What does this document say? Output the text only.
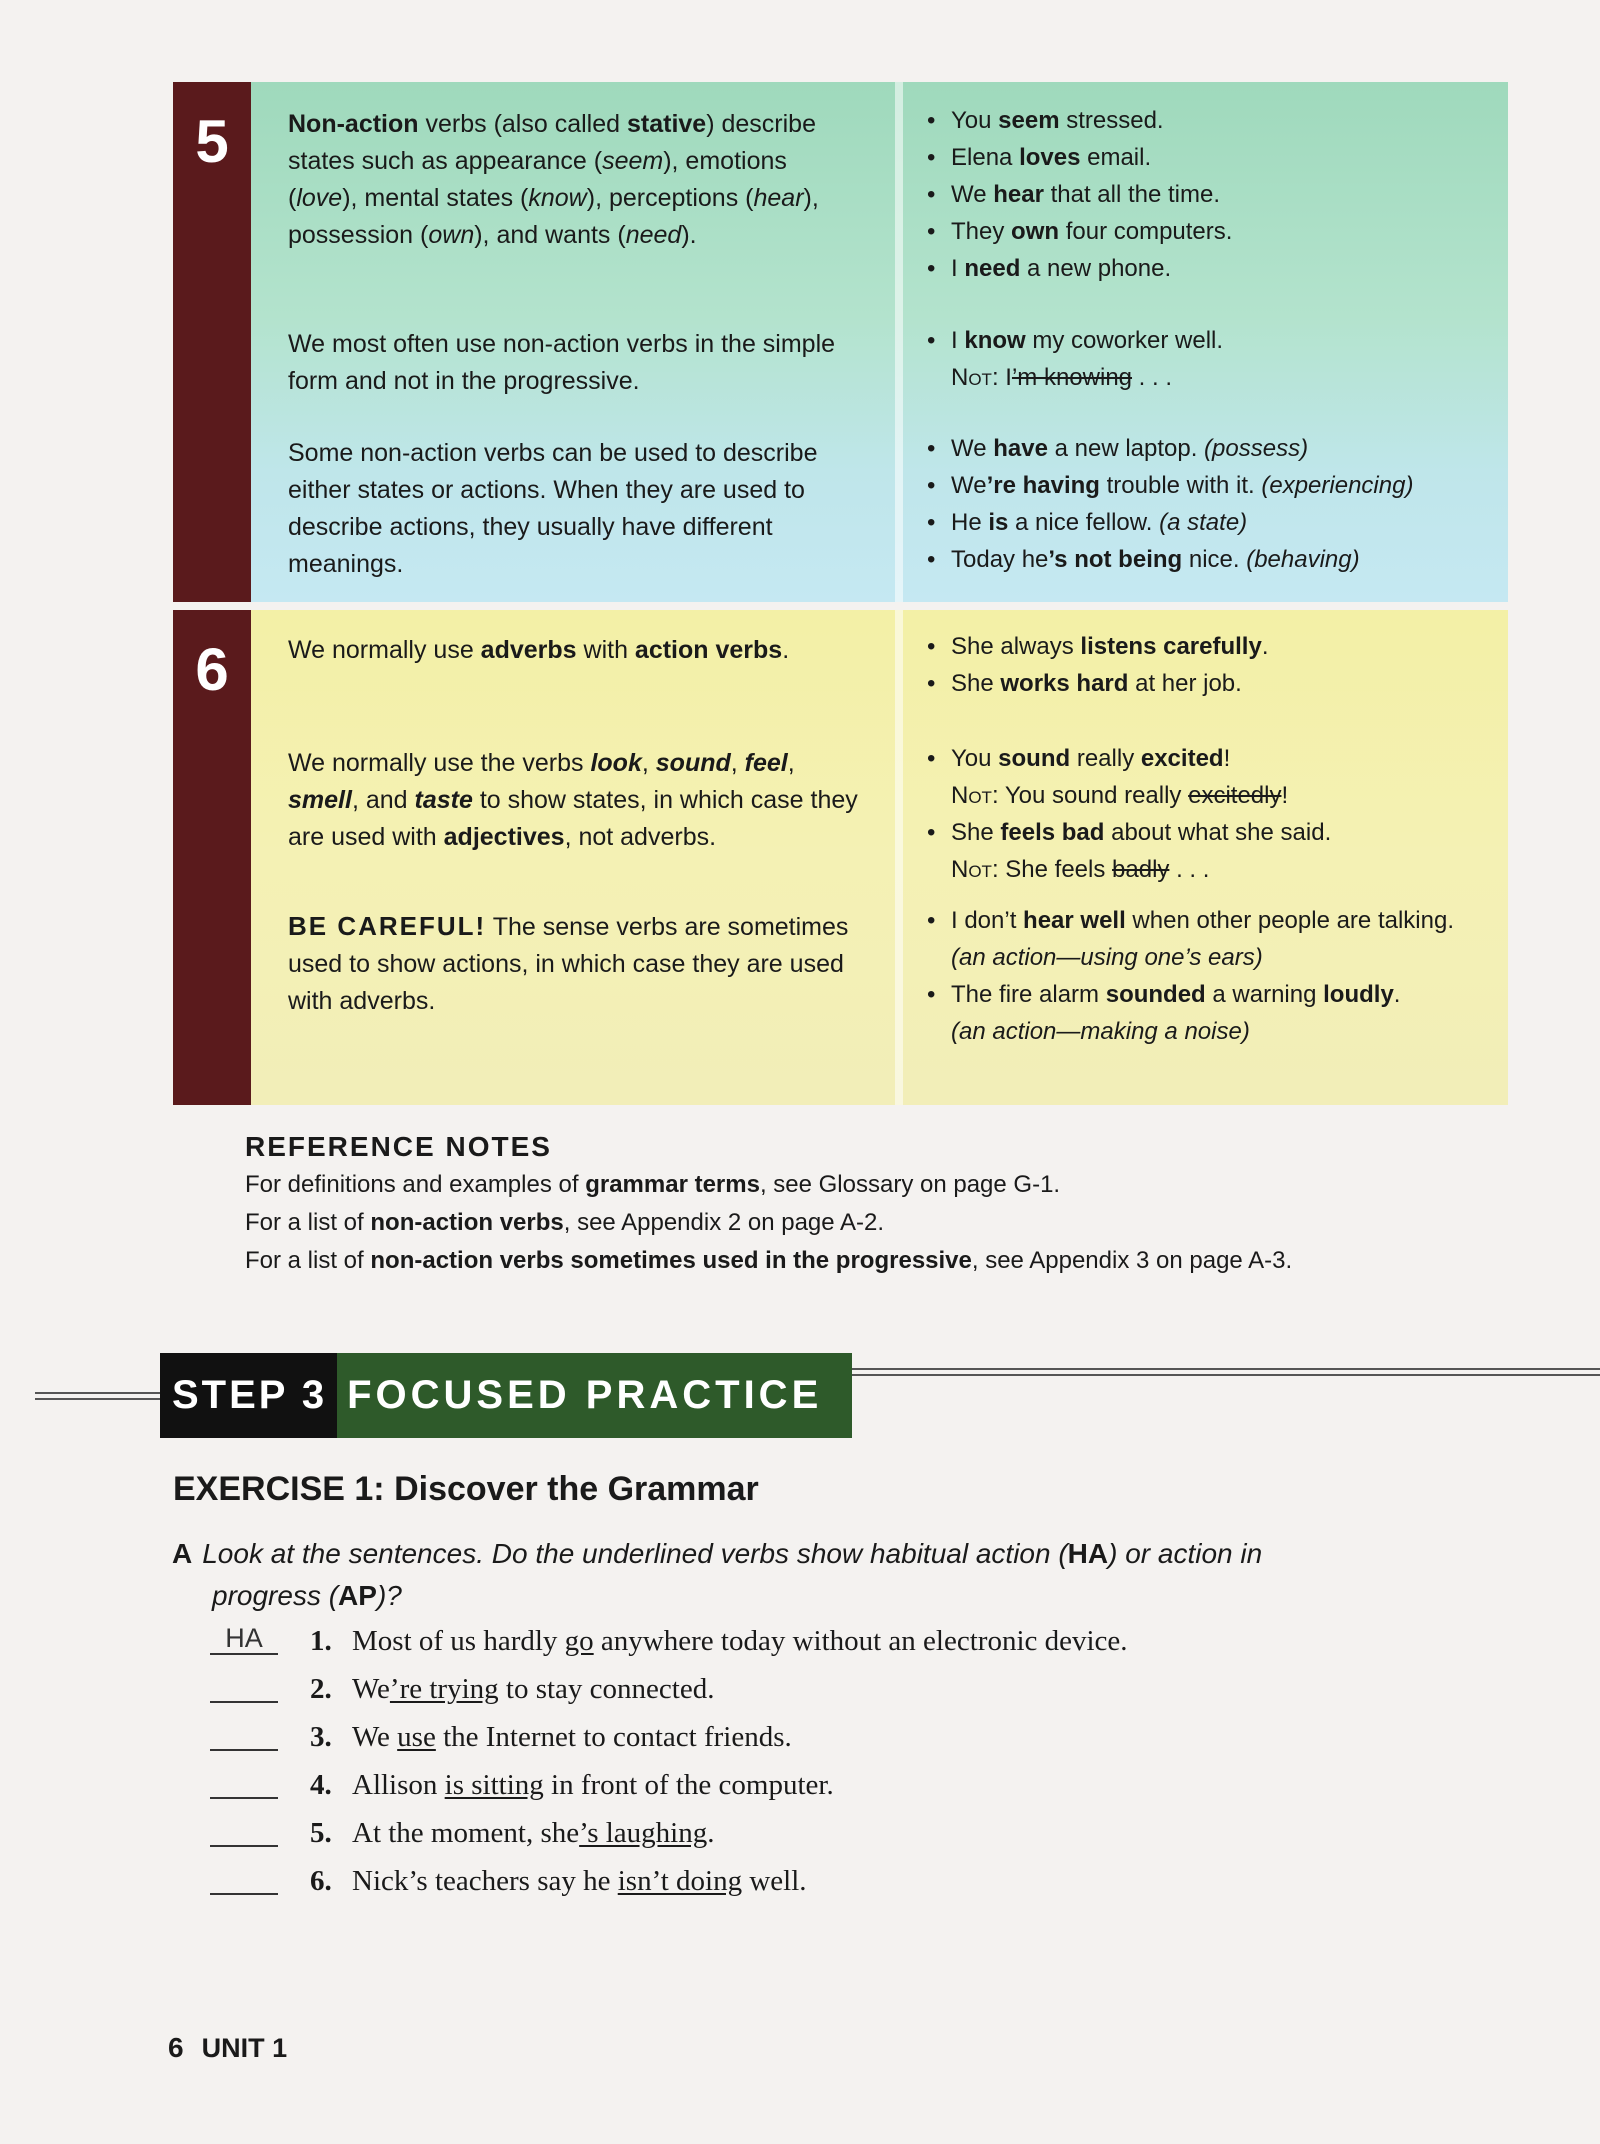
5	Non-action verbs (also called stative) describe states such as appearance (seem), emotions (love), mental states (know), perceptions (hear), possession (own), and wants (need).
• You seem stressed.
• Elena loves email.
• We hear that all the time.
• They own four computers.
• I need a new phone.
We most often use non-action verbs in the simple form and not in the progressive.
• I know my coworker well.
Not: I’m knowing . . .
Some non-action verbs can be used to describe either states or actions. When they are used to describe actions, they usually have different meanings.
• We have a new laptop. (possess)
• We’re having trouble with it. (experiencing)
• He is a nice fellow. (a state)
• Today he’s not being nice. (behaving)
6	We normally use adverbs with action verbs.
•	She always listens carefully.
• She works hard at her job.
We normally use the verbs look, sound, feel, smell, and taste to show states, in which case they are used with adjectives, not adverbs.
• You sound really excited!
Not: You sound really excitedly!
• She feels bad about what she said.
Not: She feels badly . . .
BE CAREFUL! The sense verbs are sometimes used to show actions, in which case they are used with adverbs.
• I don’t hear well when other people are talking.
(an action—using one’s ears)
• The fire alarm sounded a warning loudly.
(an action—making a noise)
REFERENCE NOTES
For definitions and examples of grammar terms, see Glossary on page G-1.
For a list of non-action verbs, see Appendix 2 on page A-2.
For a list of non-action verbs sometimes used in the progressive, see Appendix 3 on page A-3.
STEP 3 FOCUSED PRACTICE
EXERCISE 1: Discover the Grammar
A Look at the sentences. Do the underlined verbs show habitual action (HA) or action in
progress (AP)?
HA	1. Most of us hardly go anywhere today without an electronic device.
2. We’re trying to stay connected.
3. We use the Internet to contact friends.
4. Allison is sitting in front of the computer.
5. At the moment, she’s laughing.
6. Nick’s teachers say he isn’t doing well.
6 UNIT 1
